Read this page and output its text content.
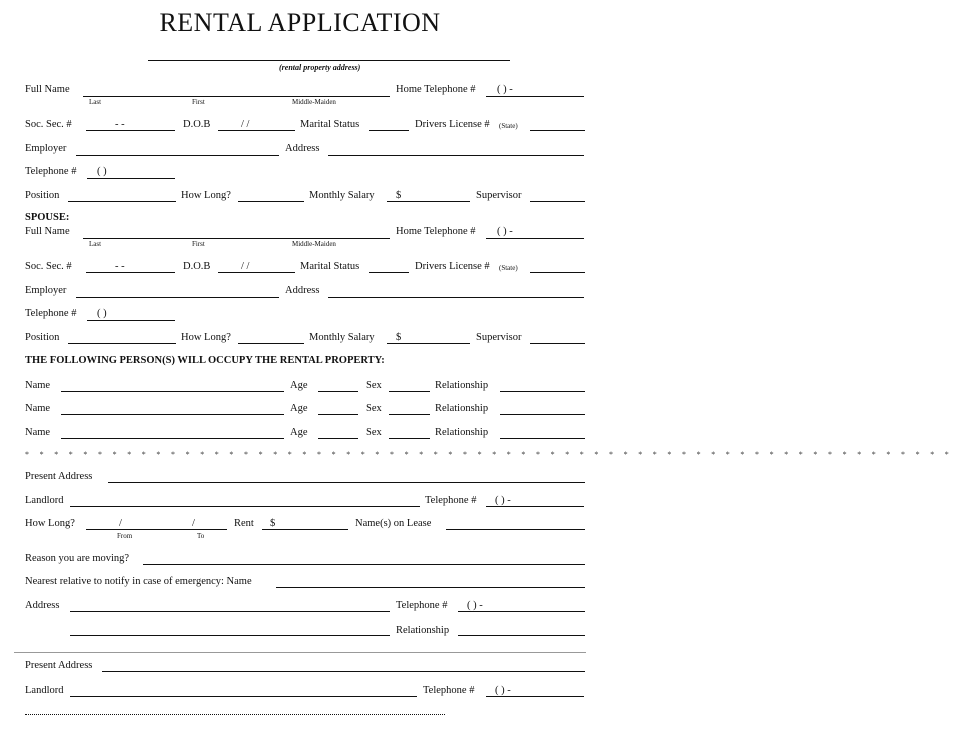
RENTAL APPLICATION
(rental property address)
Full Name
Last	First	Middle-Maiden
Home Telephone # ( ) -
Soc. Sec. #	- -	D.O.B	/ /	Marital Status	Drivers License # (State)
Employer	Address
Telephone # ( )
Position	How Long?	Monthly Salary $	Supervisor
SPOUSE:
Full Name
Last	First	Middle-Maiden
Home Telephone # ( ) -
Soc. Sec. #	- -	D.O.B	/ /	Marital Status	Drivers License # (State)
Employer	Address
Telephone # ( )
Position	How Long?	Monthly Salary $	Supervisor
THE FOLLOWING PERSON(S) WILL OCCUPY THE RENTAL PROPERTY:
Name	Age	Sex	Relationship
Name	Age	Sex	Relationship
Name	Age	Sex	Relationship
* * * * * * * * * * * * * * * * * * * * * * * * * * * * * * * * * * * * * * * * * * * * * * * * * * * * * * * * * * * * * * * *
Present Address
Landlord	Telephone # ( ) -
How Long?	/	/
From	To
Rent $	Name(s) on Lease
Reason you are moving?
Nearest relative to notify in case of emergency: Name
Address	Telephone # ( ) -
Relationship
Present Address
Landlord	Telephone # ( ) -
